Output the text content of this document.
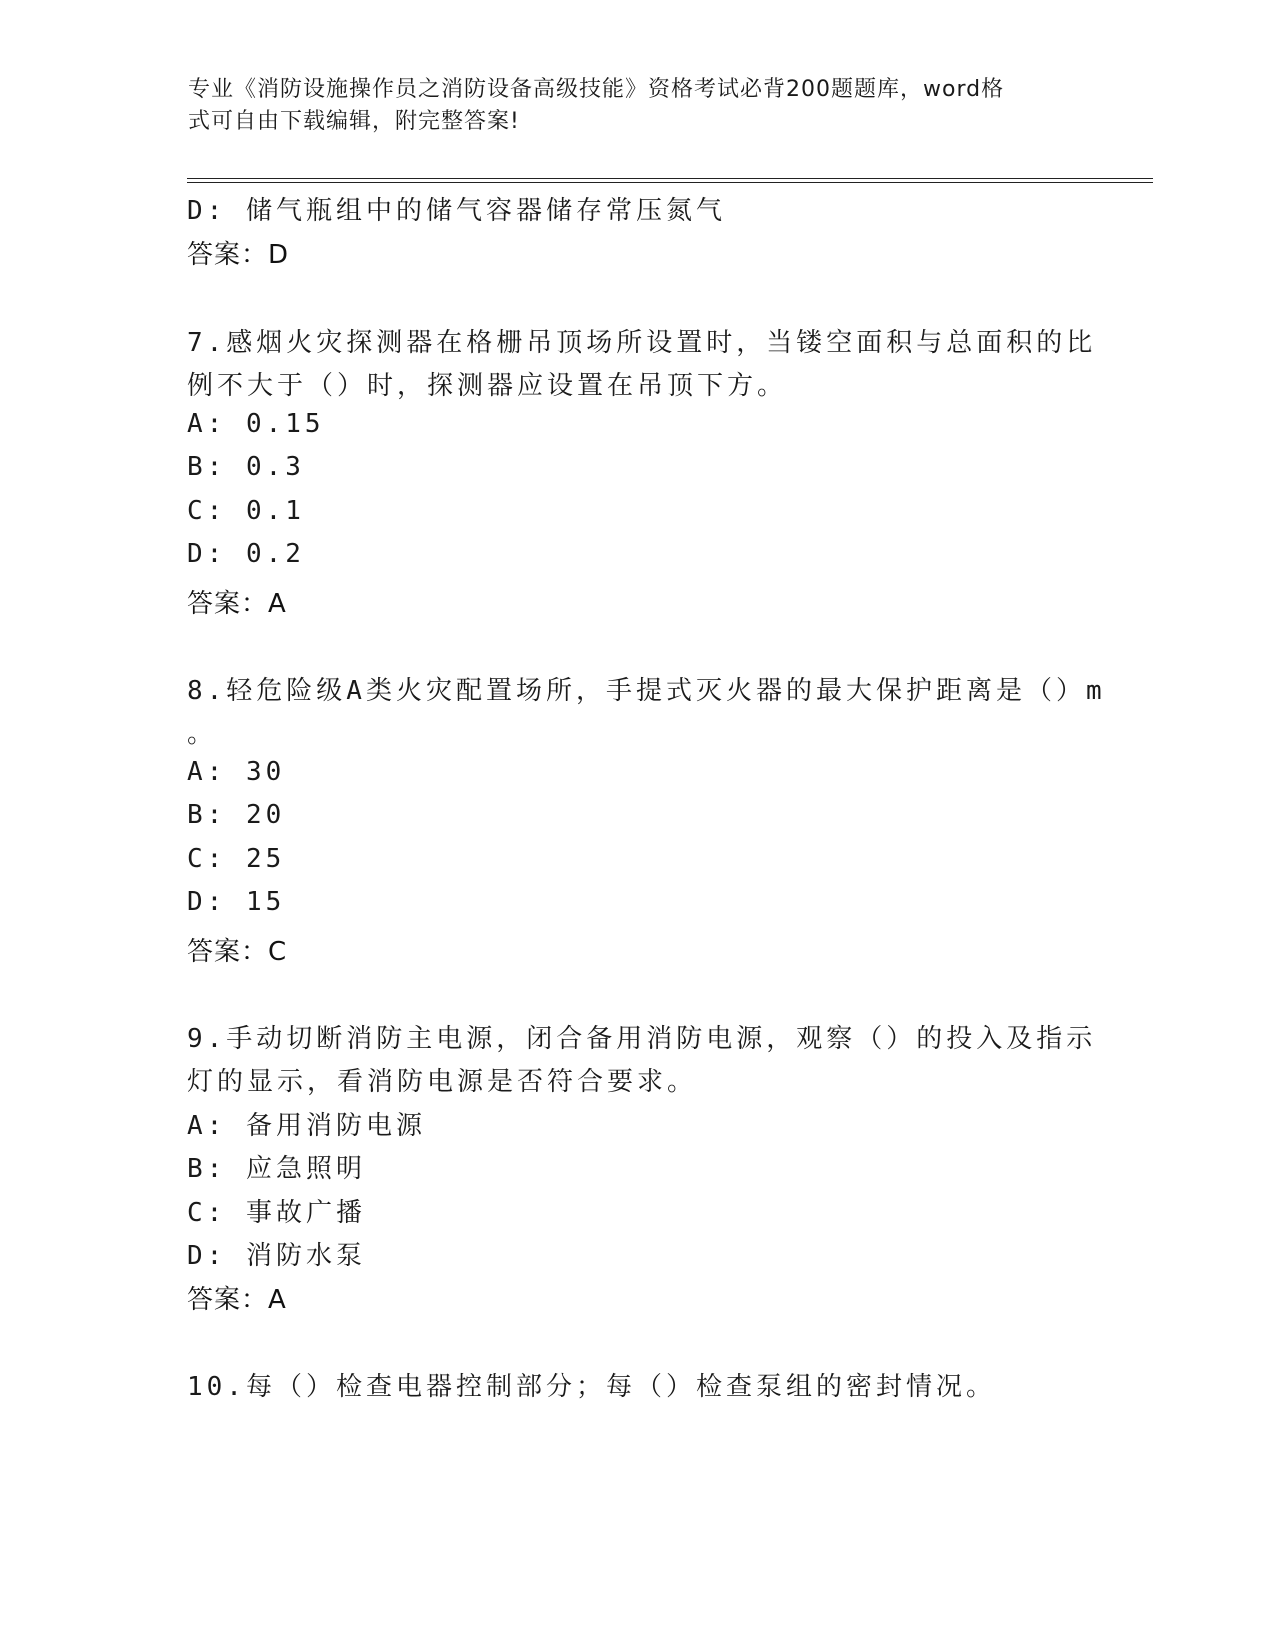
专业《消防设施操作员之消防设备高级技能》资格考试必背200题题库，word格
式可自由下载编辑，附完整答案!
D: 储气瓶组中的储气容器储存常压氮气
答案：D
7.感烟火灾探测器在格栅吊顶场所设置时，当镂空面积与总面积的比
例不大于（）时，探测器应设置在吊顶下方。
A: 0.15
B: 0.3
C: 0.1
D: 0.2
答案：A
8.轻危险级A类火灾配置场所，手提式灭火器的最大保护距离是（）m
。
A: 30
B: 20
C: 25
D: 15
答案：C
9.手动切断消防主电源，闭合备用消防电源，观察（）的投入及指示
灯的显示，看消防电源是否符合要求。
A: 备用消防电源
B: 应急照明
C: 事故广播
D: 消防水泵
答案：A
10.每（）检查电器控制部分；每（）检查泵组的密封情况。
